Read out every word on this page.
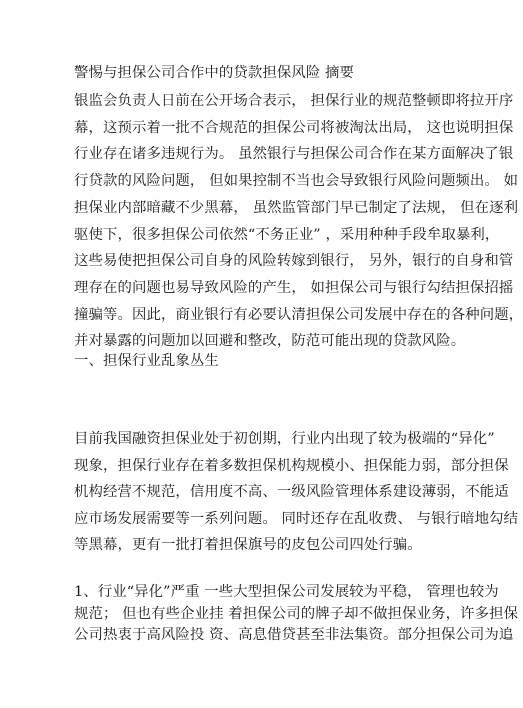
警惕与担保公司合作中的贷款担保风险 摘要
银监会负责人日前在公开场合表示， 担保行业的规范整顿即将拉开序
幕，这预示着一批不合规范的担保公司将被淘汰出局， 这也说明担保
行业存在诸多违规行为。 虽然银行与担保公司合作在某方面解决了银
行贷款的风险问题， 但如果控制不当也会导致银行风险问题频出。 如
担保业内部暗藏不少黑幕， 虽然监管部门早已制定了法规， 但在逐利
驱使下，很多担保公司依然“不务正业” ，采用种种手段牟取暴利，
这些易使把担保公司自身的风险转嫁到银行， 另外，银行的自身和管
理存在的问题也易导致风险的产生， 如担保公司与银行勾结担保招摇
撞骗等。因此，商业银行有必要认清担保公司发展中存在的各种问题，
并对暴露的问题加以回避和整改，防范可能出现的贷款风险。
一、担保行业乱象丛生
目前我国融资担保业处于初创期，行业内出现了较为极端的“异化”
现象，担保行业存在着多数担保机构规模小、担保能力弱，部分担保
机构经营不规范，信用度不高、一级风险管理体系建设薄弱，不能适
应市场发展需要等一系列问题。 同时还存在乱收费、 与银行暗地勾结
等黑幕，更有一批打着担保旗号的皮包公司四处行骗。
1、行业“异化”严重 一些大型担保公司发展较为平稳， 管理也较为
规范； 但也有些企业挂 着担保公司的牌子却不做担保业务，许多担保
公司热衷于高风险投 资、高息借贷甚至非法集资。部分担保公司为追
